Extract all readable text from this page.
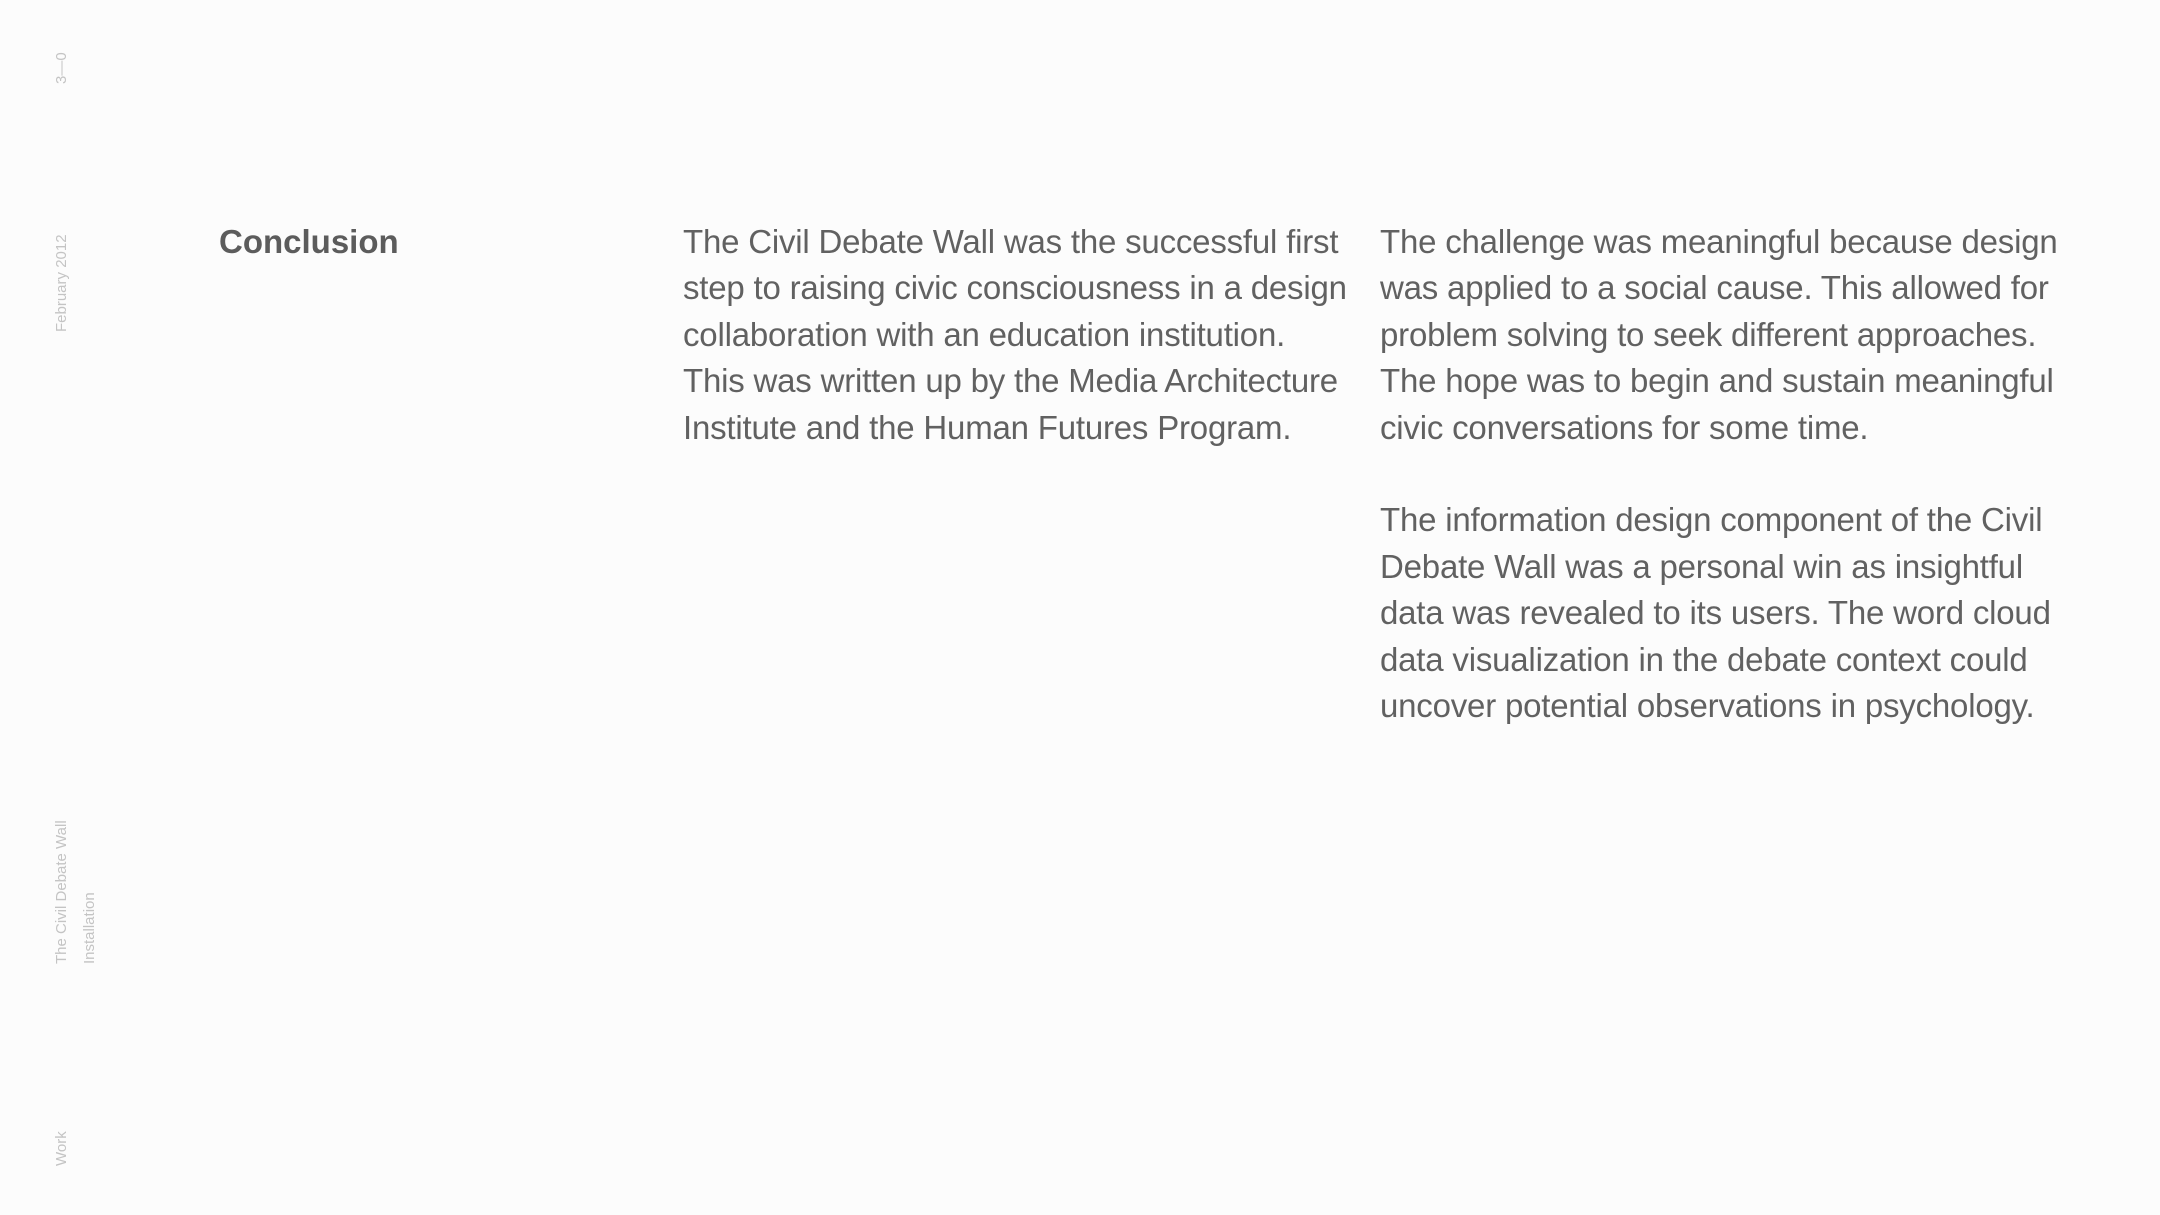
3—0
February 2012
The Civil Debate Wall Installation
Work
Conclusion	The Civil Debate Wall was the successful first
step to raising civic consciousness in a design
collaboration with an education institution.
This was written up by the Media Architecture
Institute and the Human Futures Program.

The challenge was meaningful because design
was applied to a social cause. This allowed for
problem solving to seek different approaches.
The hope was to begin and sustain meaningful
civic conversations for some time.

The information design component of the Civil
Debate Wall was a personal win as insightful
data was revealed to its users. The word cloud
data visualization in the debate context could
uncover potential observations in psychology.
